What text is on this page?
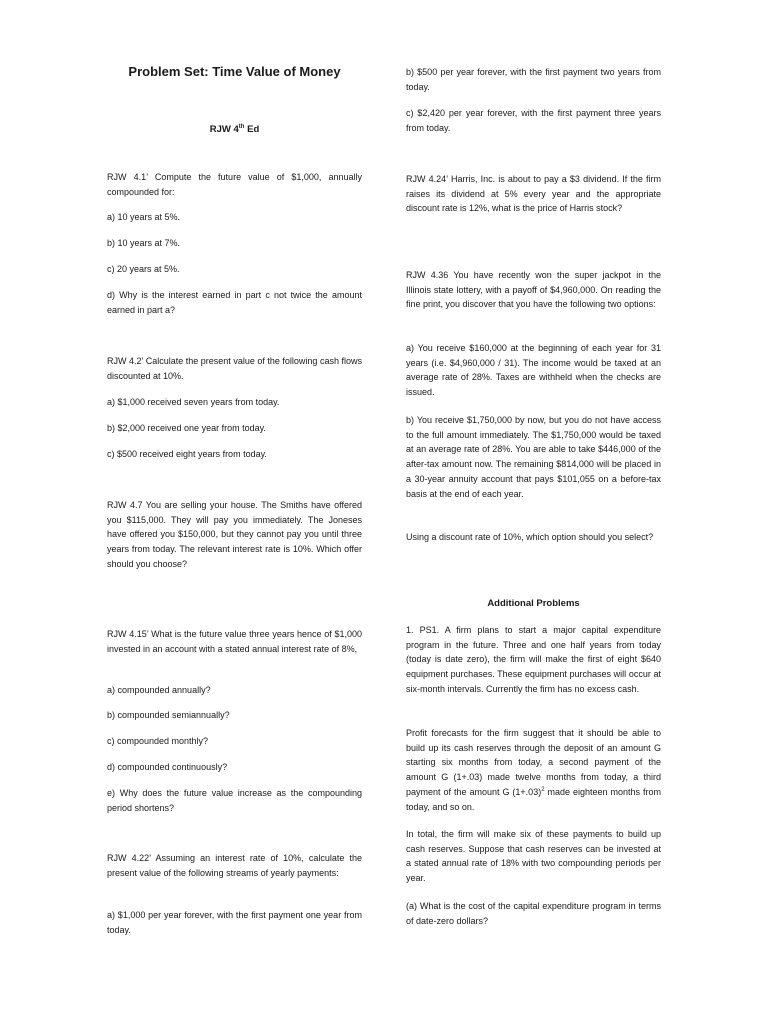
Problem Set: Time Value of Money

RJW 4th Ed

RJW 4.1’ Compute the future value of $1,000, annually compounded for:

a) 10 years at 5%.

b) 10 years at 7%.

c) 20 years at 5%.

d) Why is the interest earned in part c not twice the amount earned in part a?

RJW 4.2’ Calculate the present value of the following cash flows discounted at 10%.

a) $1,000 received seven years from today.

b) $2,000 received one year from today.

c) $500 received eight years from today.

RJW 4.7 You are selling your house. The Smiths have offered you $115,000. They will pay you immediately. The Joneses have offered you $150,000, but they cannot pay you until three years from today. The relevant interest rate is 10%. Which offer should you choose?

RJW 4.15’ What is the future value three years hence of $1,000 invested in an account with a stated annual interest rate of 8%,

a) compounded annually?

b) compounded semiannually?

c) compounded monthly?

d) compounded continuously?

e) Why does the future value increase as the compounding period shortens?

RJW 4.22’ Assuming an interest rate of 10%, calculate the present value of the following streams of yearly payments:

a) $1,000 per year forever, with the first payment one year from today.

b) $500 per year forever, with the first payment two years from today.

c) $2,420 per year forever, with the first payment three years from today.

RJW 4.24’ Harris, Inc. is about to pay a $3 dividend. If the firm raises its dividend at 5% every year and the appropriate discount rate is 12%, what is the price of Harris stock?

RJW 4.36 You have recently won the super jackpot in the Illinois state lottery, with a payoff of $4,960,000. On reading the fine print, you discover that you have the following two options:

a) You receive $160,000 at the beginning of each year for 31 years (i.e. $4,960,000 / 31). The income would be taxed at an average rate of 28%. Taxes are withheld when the checks are issued.

b) You receive $1,750,000 by now, but you do not have access to the full amount immediately. The $1,750,000 would be taxed at an average rate of 28%. You are able to take $446,000 of the after-tax amount now. The remaining $814,000 will be placed in a 30-year annuity account that pays $101,055 on a before-tax basis at the end of each year.

Using a discount rate of 10%, which option should you select?

Additional Problems

1. PS1. A firm plans to start a major capital expenditure program in the future. Three and one half years from today (today is date zero), the firm will make the first of eight $640 equipment purchases. These equipment purchases will occur at six-month intervals. Currently the firm has no excess cash.

Profit forecasts for the firm suggest that it should be able to build up its cash reserves through the deposit of an amount G starting six months from today, a second payment of the amount G (1+.03) made twelve months from today, a third payment of the amount G $(1+.03)^2$ made eighteen months from today, and so on.

In total, the firm will make six of these payments to build up cash reserves. Suppose that cash reserves can be invested at a stated annual rate of 18% with two compounding periods per year.

(a) What is the cost of the capital expenditure program in terms of date-zero dollars?
